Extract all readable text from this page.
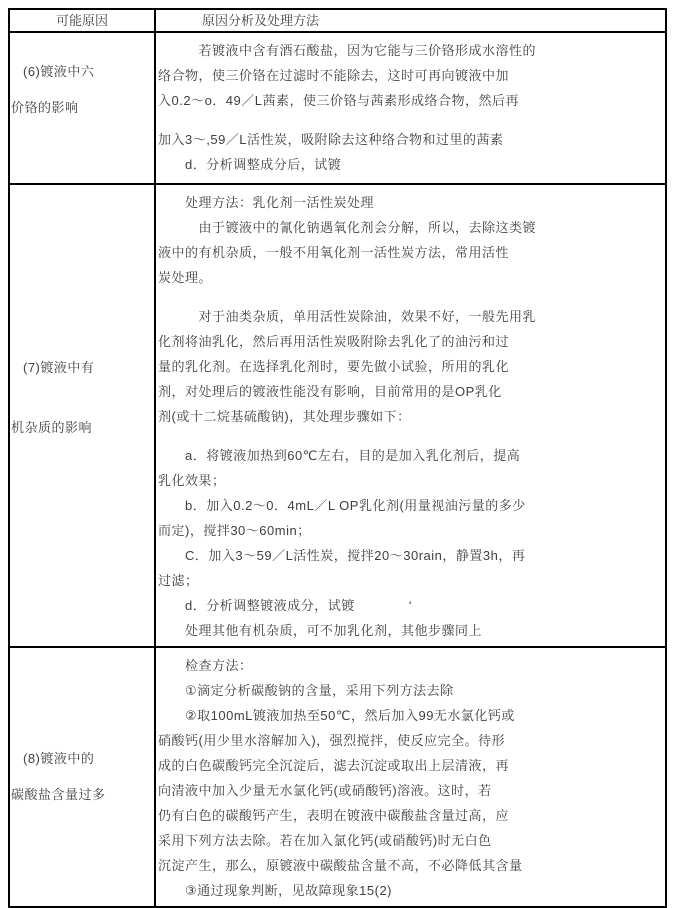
可能原因	原因分析及处理方法
(6)镀液中六
价铬的影响
　　　若镀液中含有酒石酸盐，因为它能与三价铬形成水溶性的
络合物，使三价铬在过滤时不能除去，这时可再向镀液中加
入0.2～o．49／L茜素，使三价铬与茜素形成络合物，然后再
加入3～,59／L活性炭，吸附除去这种络合物和过里的茜素
　　d．分析调整成分后，试镀
(7)镀液中有
机杂质的影响
　　处理方法：乳化剂一活性炭处理
　　　由于镀液中的氰化钠遇氧化剂会分解，所以，去除这类镀
液中的有机杂质，一般不用氧化剂一活性炭方法，常用活性
炭处理。
　　　对于油类杂质，单用活性炭除油，效果不好，一般先用乳
化剂将油乳化，然后再用活性炭吸附除去乳化了的油污和过
量的乳化剂。在选择乳化剂时，要先做小试验，所用的乳化
剂，对处理后的镀液性能没有影响，目前常用的是OP乳化
剂(或十二烷基硫酸钠)，其处理步骤如下：
　　a．将镀液加热到60℃左右，目的是加入乳化剂后，提高
乳化效果；
　　b．加入0.2～0．4mL／L OP乳化剂(用量视油污量的多少
而定)，搅拌30～60min；
　　C．加入3～59／L活性炭，搅拌20～30rain，静置3h，再
过滤；
　　d．分析调整镀液成分，试镀　　　　‘
　　处理其他有机杂质，可不加乳化剂，其他步骤同上
(8)镀液中的
碳酸盐含量过多
　　检查方法：
　　①滴定分析碳酸钠的含量，采用下列方法去除
　　②取100mL镀液加热至50℃，然后加入99无水氯化钙或
硝酸钙(用少里水溶解加入)，强烈搅拌，使反应完全。待形
成的白色碳酸钙完全沉淀后，滤去沉淀或取出上层清液，再
向清液中加入少量无水氯化钙(或硝酸钙)溶液。这时，若
仍有白色的碳酸钙产生，表明在镀液中碳酸盐含量过高，应
采用下列方法去除。若在加入氯化钙(或硝酸钙)时无白色
沉淀产生，那么，原镀液中碳酸盐含量不高，不必降低其含量
　　③通过现象判断，见故障现象15(2)
